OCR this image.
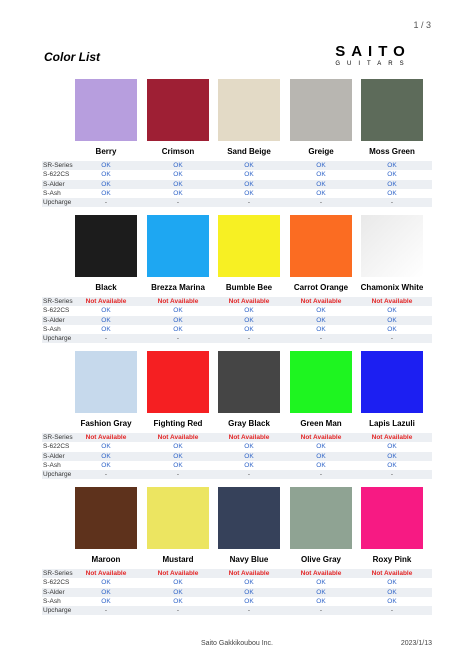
1 / 3
Color List	SAITO
GUITARS
Berry	Crimson	Sand Beige	Greige	Moss Green
SR-Series	OK	OK	OK	OK	OK
S-622CS	OK	OK	OK	OK	OK
S-Alder	OK	OK	OK	OK	OK
S-Ash	OK	OK	OK	OK	OK
Upcharge	-	-	-	-	-
Black	Brezza Marina	Bumble Bee	Carrot Orange	Chamonix White
SR-Series	Not Available	Not Available	Not Available	Not Available	Not Available
S-622CS	OK	OK	OK	OK	OK
S-Alder	OK	OK	OK	OK	OK
S-Ash	OK	OK	OK	OK	OK
Upcharge	-	-	-	-	-
Fashion Gray	Fighting Red	Gray Black	Green Man	Lapis Lazuli
SR-Series	Not Available	Not Available	Not Available	Not Available	Not Available
S-622CS	OK	OK	OK	OK	OK
S-Alder	OK	OK	OK	OK	OK
S-Ash	OK	OK	OK	OK	OK
Upcharge	-	-	-	-	-
Maroon	Mustard	Navy Blue	Olive Gray	Roxy Pink
SR-Series	Not Available	Not Available	Not Available	Not Available	Not Available
S-622CS	OK	OK	OK	OK	OK
S-Alder	OK	OK	OK	OK	OK
S-Ash	OK	OK	OK	OK	OK
Upcharge	-	-	-	-	-
Saito Gakkikoubou Inc.	2023/1/13
